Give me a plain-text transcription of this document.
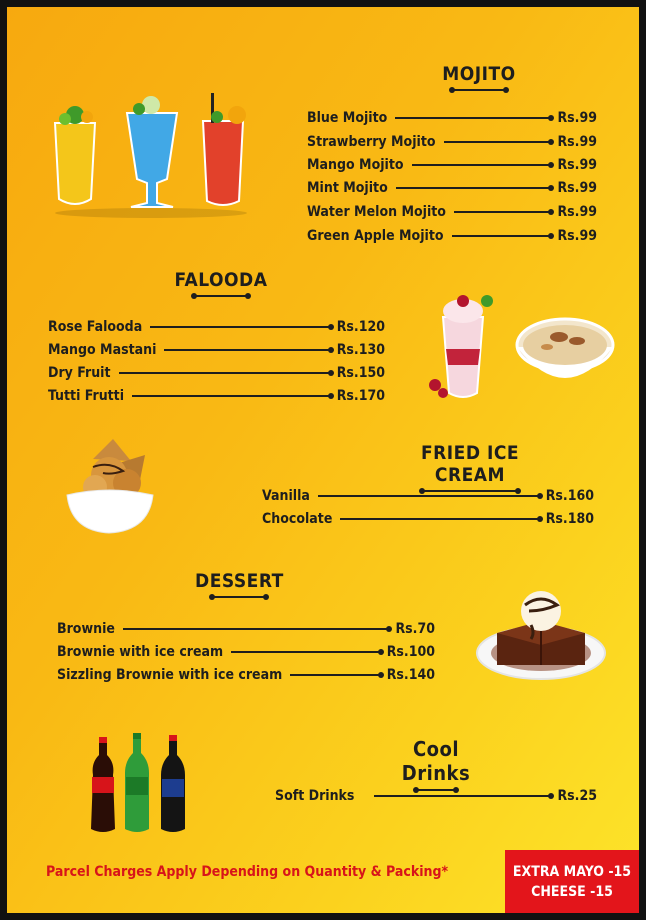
MOJITO
Blue Mojito	Rs.99
Strawberry Mojito	Rs.99
Mango Mojito	Rs.99
Mint Mojito	Rs.99
Water Melon Mojito	Rs.99
Green Apple Mojito	Rs.99
FALOODA
Rose Falooda	Rs.120
Mango Mastani	Rs.130
Dry Fruit	Rs.150
Tutti Frutti	Rs.170
FRIED ICE CREAM
Vanilla	Rs.160
Chocolate	Rs.180
DESSERT
Brownie	Rs.70
Brownie with ice cream	Rs.100
Sizzling Brownie with ice cream	Rs.140
Cool Drinks
Soft Drinks	Rs.25
Parcel Charges Apply Depending on Quantity & Packing*	EXTRA MAYO -15
CHEESE -15
